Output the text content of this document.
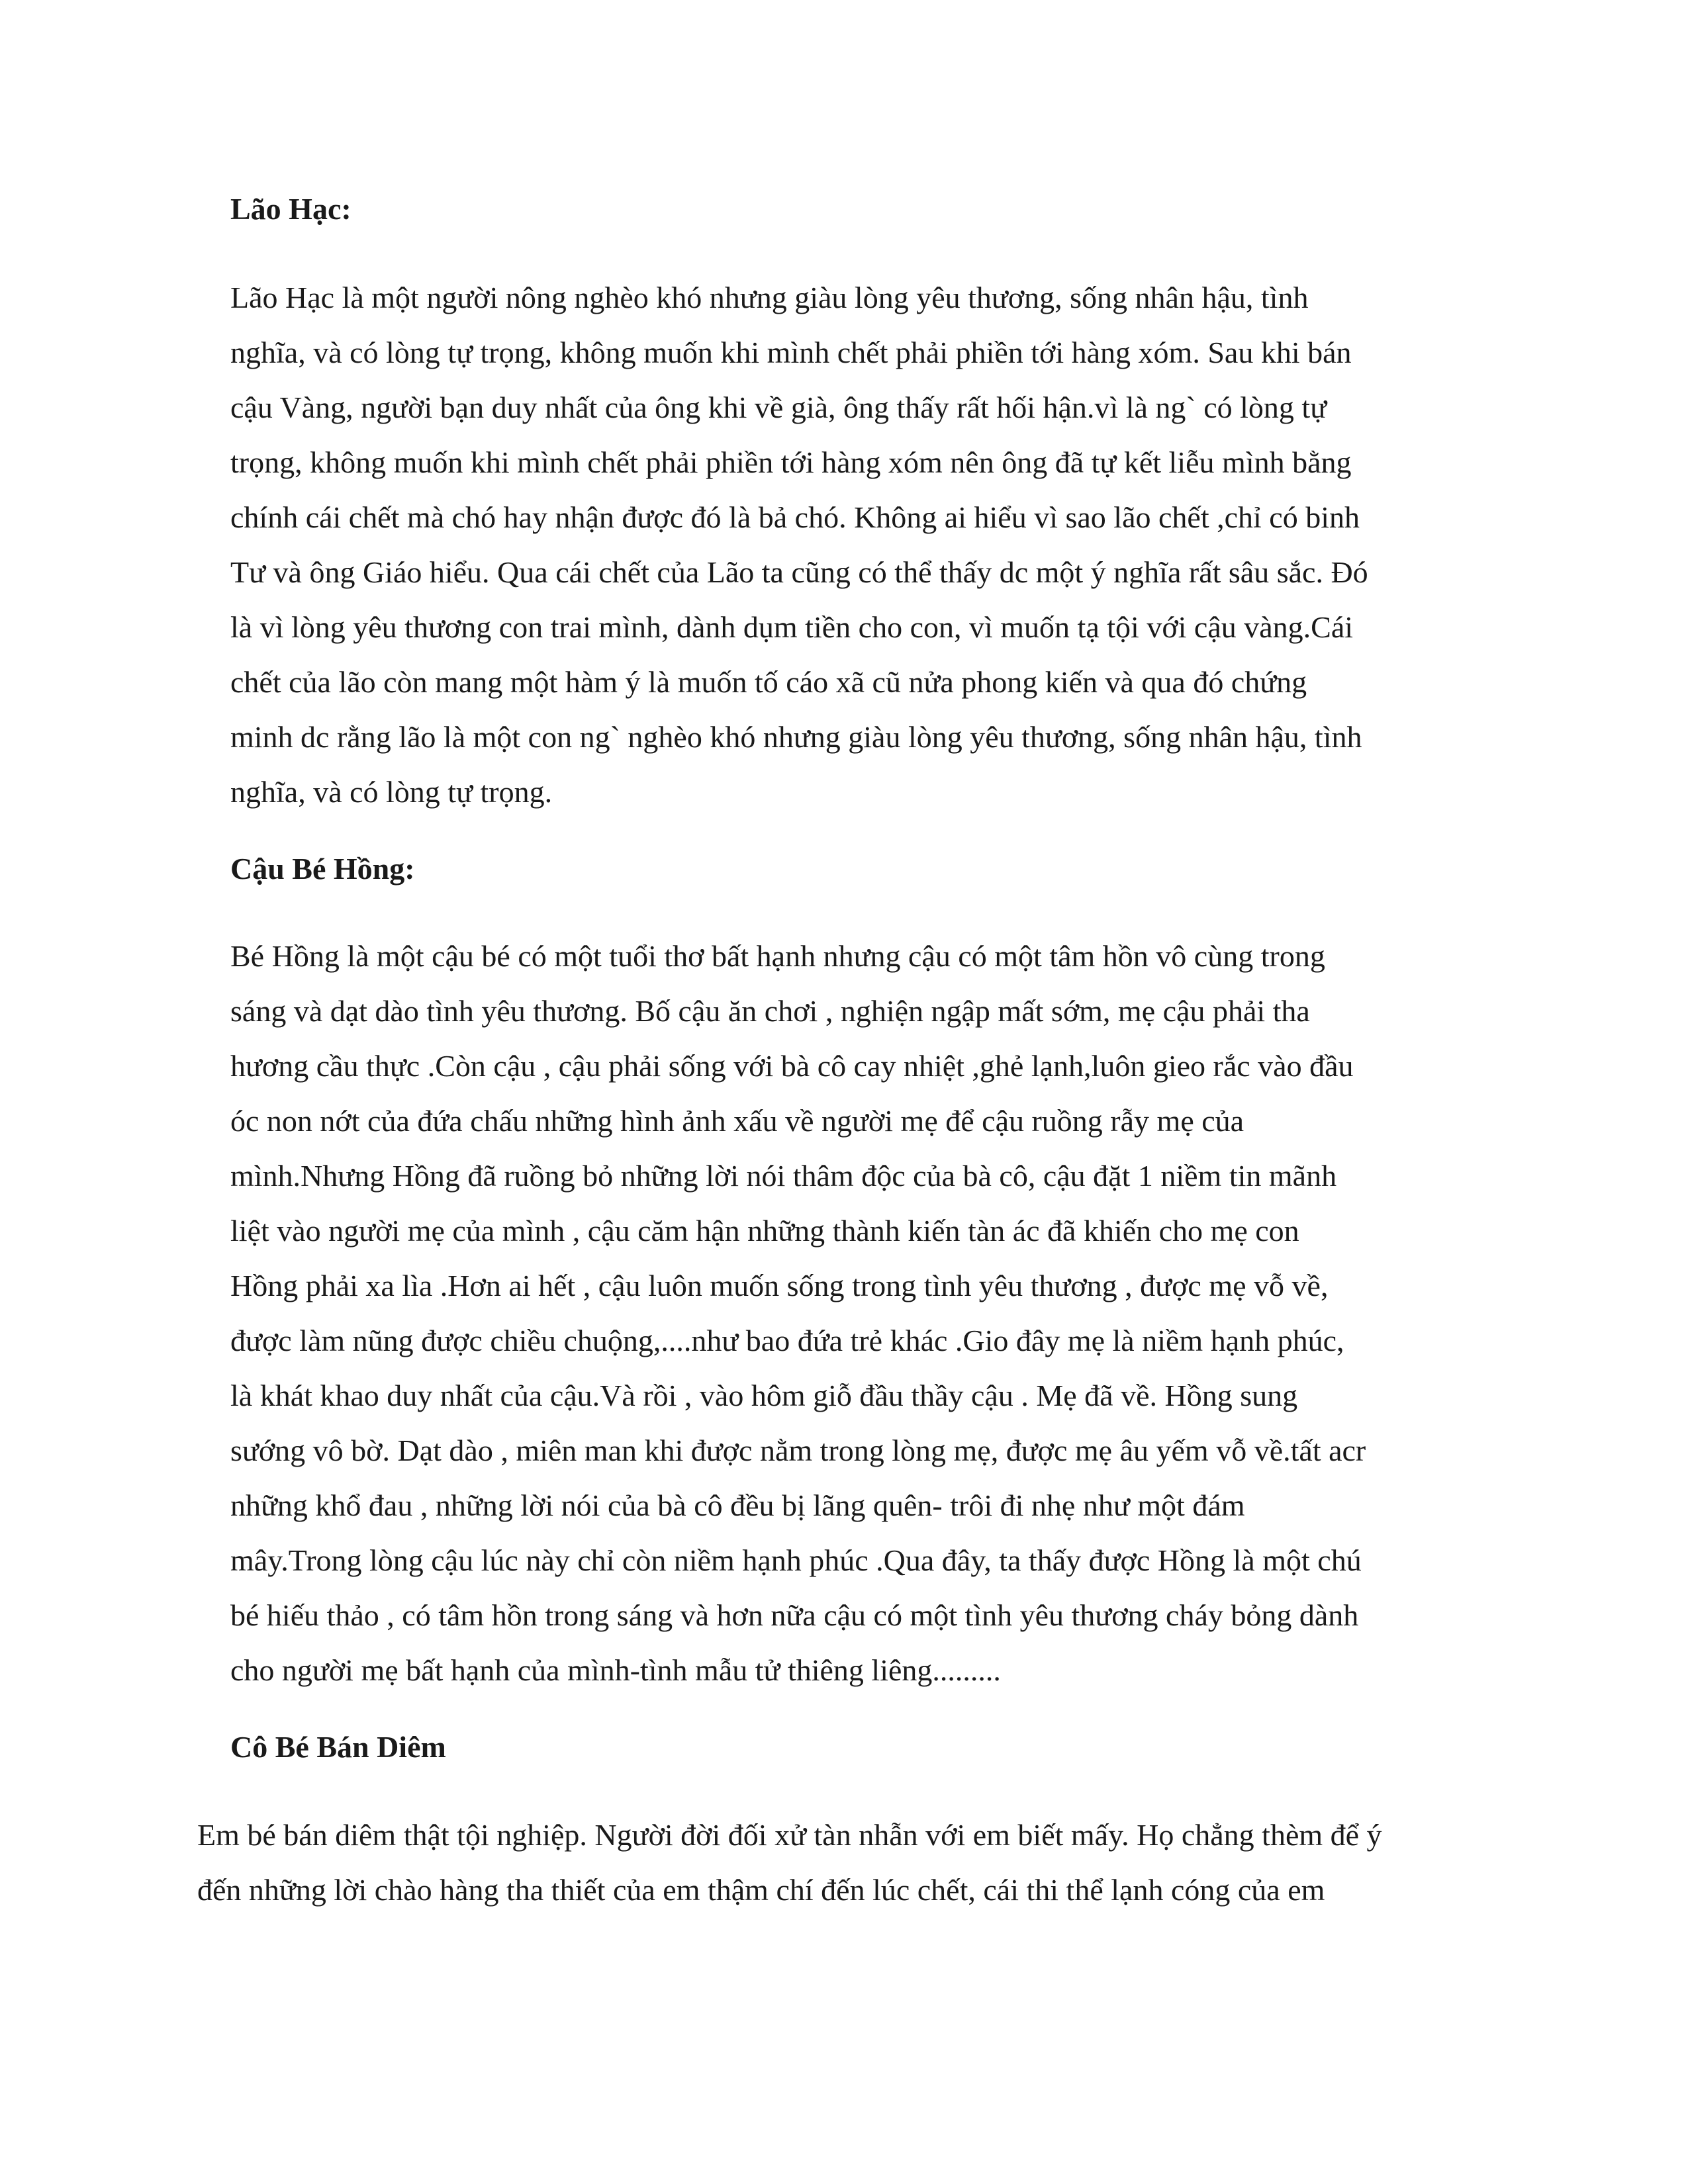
Lão Hạc:

Lão Hạc là một người nông nghèo khó nhưng giàu lòng yêu thương, sống nhân hậu, tình

nghĩa, và có lòng tự trọng, không muốn khi mình chết phải phiền tới hàng xóm. Sau khi bán

cậu Vàng, người bạn duy nhất của ông khi về già, ông thấy rất hối hận.vì là ng` có lòng tự

trọng, không muốn khi mình chết phải phiền tới hàng xóm nên ông đã tự kết liễu mình bằng

chính cái chết mà chó hay nhận được đó là bả chó. Không ai hiểu vì sao lão chết ,chỉ có binh

Tư và ông Giáo hiểu. Qua cái chết của Lão ta cũng có thể thấy dc một ý nghĩa rất sâu sắc. Đó

là vì lòng yêu thương con trai mình, dành dụm tiền cho con, vì muốn tạ tội với cậu vàng.Cái

chết của lão còn mang một hàm ý là muốn tố cáo xã cũ nửa phong kiến và qua đó chứng

minh dc rằng lão là một con ng` nghèo khó nhưng giàu lòng yêu thương, sống nhân hậu, tình

nghĩa, và có lòng tự trọng.

Cậu Bé Hồng:

Bé Hồng là một cậu bé có một tuổi thơ bất hạnh nhưng cậu có một tâm hồn vô cùng trong

sáng và dạt dào tình yêu thương. Bố cậu ăn chơi , nghiện ngập mất sớm, mẹ cậu phải tha

hương cầu thực .Còn cậu , cậu phải sống với bà cô cay nhiệt ,ghẻ lạnh,luôn gieo rắc vào đầu

óc non nớt của đứa chấu những hình ảnh xấu về người mẹ để cậu ruồng rẫy mẹ của

mình.Nhưng Hồng đã ruồng bỏ những lời nói thâm độc của bà cô, cậu đặt 1 niềm tin mãnh

liệt vào người mẹ của mình , cậu căm hận những thành kiến tàn ác đã khiến cho mẹ con

Hồng phải xa lìa .Hơn ai hết , cậu luôn muốn sống trong tình yêu thương , được mẹ vỗ về,

được làm nũng được chiều chuộng,....như bao đứa trẻ khác .Gio đây mẹ là niềm hạnh phúc,

là khát khao duy nhất của cậu.Và rồi , vào hôm giỗ đầu thầy cậu . Mẹ đã về. Hồng sung

sướng vô bờ. Dạt dào , miên man khi được nằm trong lòng mẹ, được mẹ âu yếm vỗ về.tất acr

những khổ đau , những lời nói của bà cô đều bị lãng quên- trôi đi nhẹ như một đám

mây.Trong lòng cậu lúc này chỉ còn niềm hạnh phúc .Qua đây, ta thấy được Hồng là một chú

bé hiếu thảo , có tâm hồn trong sáng và hơn nữa cậu có một tình yêu thương cháy bỏng dành

cho người mẹ bất hạnh của mình-tình mẫu tử thiêng liêng.........

Cô Bé Bán Diêm

Em bé bán diêm thật tội nghiệp. Người đời đối xử tàn nhẫn với em biết mấy. Họ chẳng thèm để ý

đến những lời chào hàng tha thiết của em thậm chí đến lúc chết, cái thi thể lạnh cóng của em
